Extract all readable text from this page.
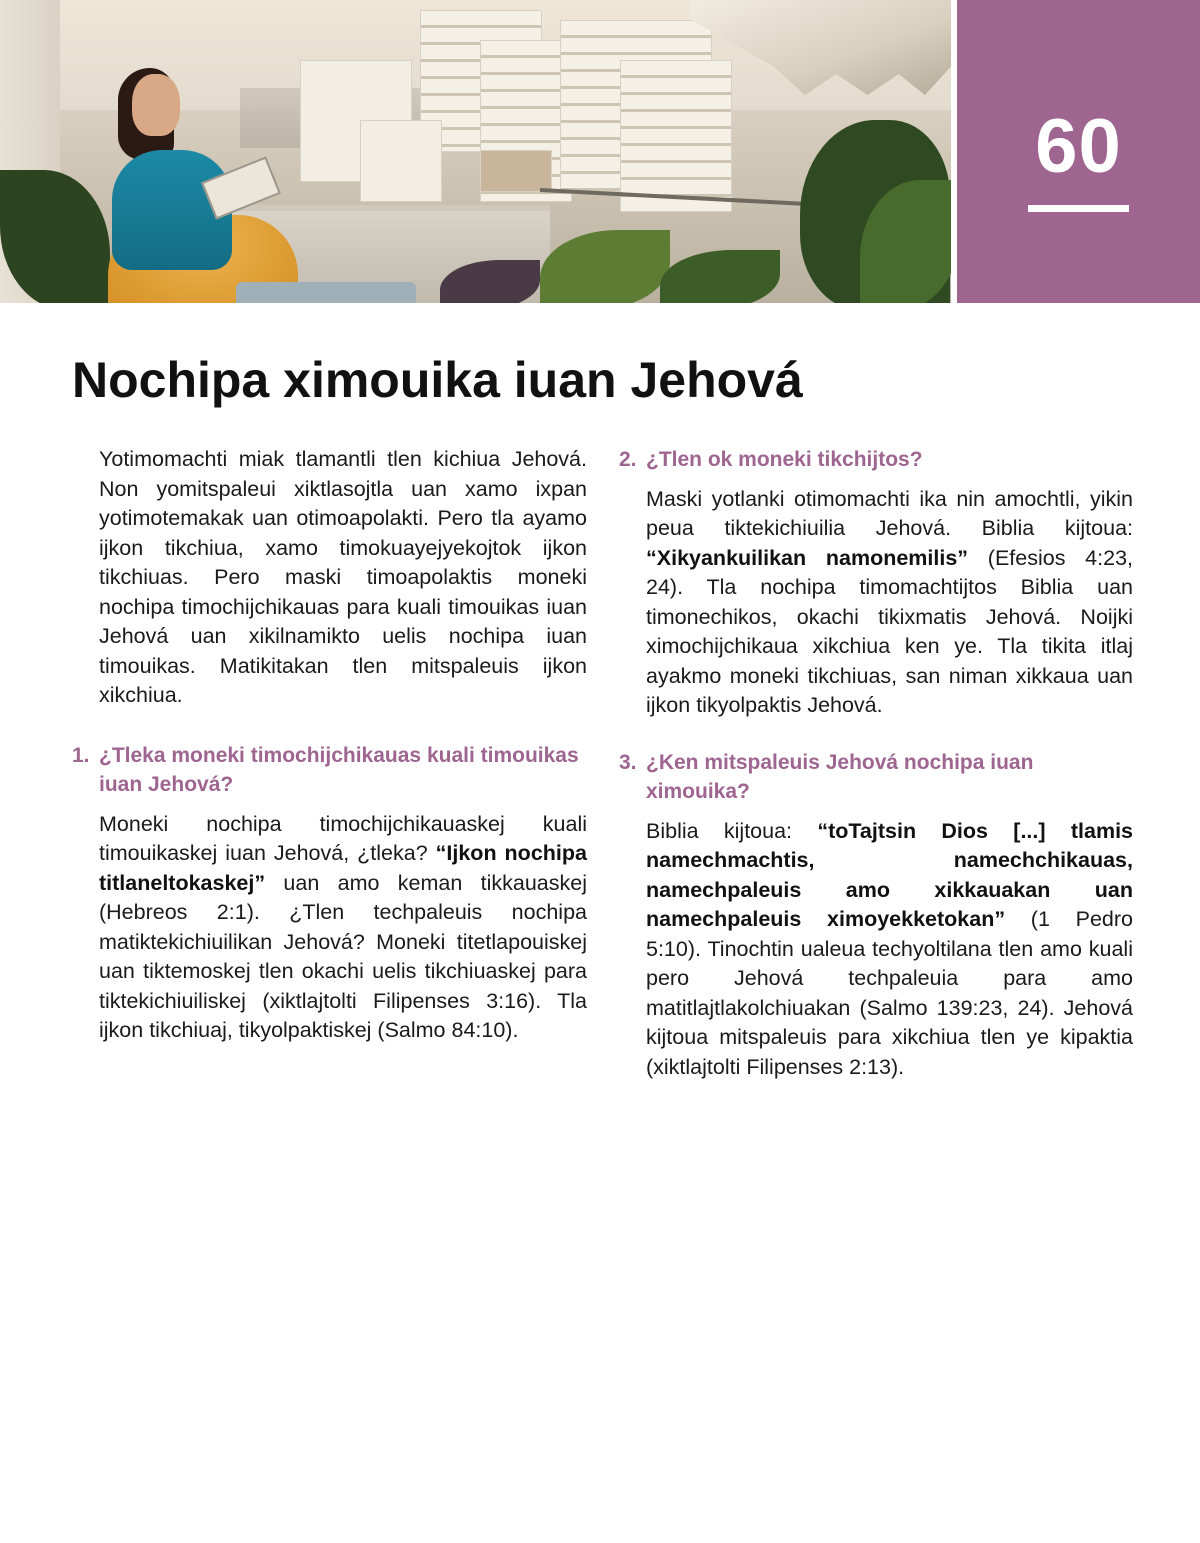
60
Nochipa ximouika iuan Jehová

Yotimomachti miak tlamantli tlen kichiua Jehová. Non yomitspaleui xiktlasojtla uan xamo ixpan yotimotemakak uan otimoapolakti. Pero tla ayamo ijkon tikchiua, xamo timokuayejyekojtok ijkon tikchiuas. Pero maski timoapolaktis moneki nochipa timochijchikauas para kuali timouikas iuan Jehová uan xikilnamikto uelis nochipa iuan timouikas. Matikitakan tlen mitspaleuis ijkon xikchiua.

1. ¿Tleka moneki timochijchikauas kuali timouikas iuan Jehová?

Moneki nochipa timochijchikauaskej kuali timouikaskej iuan Jehová, ¿tleka? “Ijkon nochipa titlaneltokaskej” uan amo keman tikkauaskej (Hebreos 2:1). ¿Tlen techpaleuis nochipa matiktekichiuilikan Jehová? Moneki titetlapouiskej uan tiktemoskej tlen okachi uelis tikchiuaskej para tiktekichiuiliskej (xiktlajtolti Filipenses 3:16). Tla ijkon tikchiuaj, tikyolpaktiskej (Salmo 84:10).

2. ¿Tlen ok moneki tikchijtos?

Maski yotlanki otimomachti ika nin amochtli, yikin peua tiktekichiuilia Jehová. Biblia kijtoua: “Xikyankuilikan namonemilis” (Efesios 4:23, 24). Tla nochipa timomachtijtos Biblia uan timonechikos, okachi tikixmatis Jehová. Noijki ximochijchikaua xikchiua ken ye. Tla tikita itlaj ayakmo moneki tikchiuas, san niman xikkaua uan ijkon tikyolpaktis Jehová.

3. ¿Ken mitspaleuis Jehová nochipa iuan ximouika?

Biblia kijtoua: “toTajtsin Dios [...] tlamis namechmachtis, namechchikauas, namechpaleuis amo xikkauakan uan namechpaleuis ximoyekketokan” (1 Pedro 5:10). Tinochtin ualeua techyoltilana tlen amo kuali pero Jehová techpaleuia para amo matitlajtlakolchiuakan (Salmo 139:23, 24). Jehová kijtoua mitspaleuis para xikchiua tlen ye kipaktia (xiktlajtolti Filipenses 2:13).
